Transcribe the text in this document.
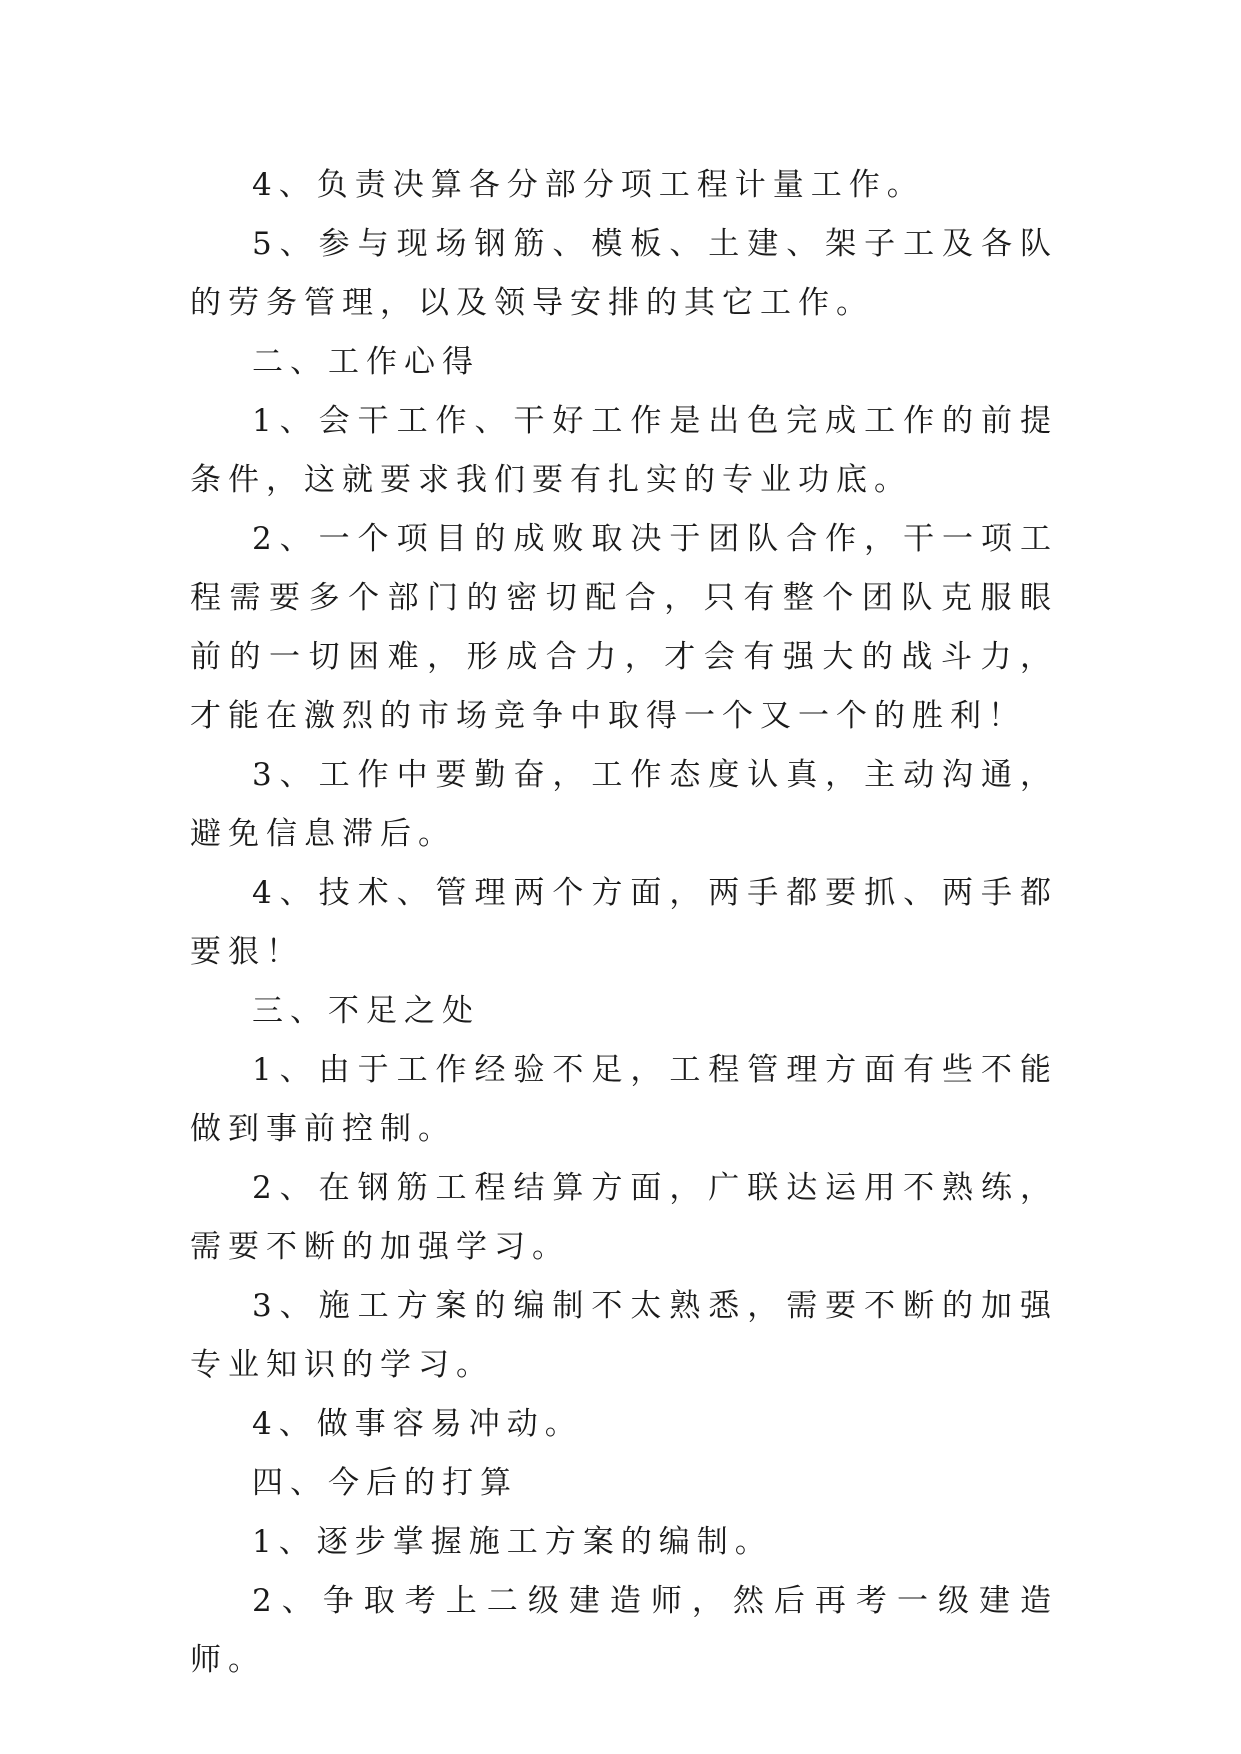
4、负责决算各分部分项工程计量工作。

5、参与现场钢筋、模板、土建、架子工及各队的劳务管理，以及领导安排的其它工作。

二、工作心得

1、会干工作、干好工作是出色完成工作的前提条件，这就要求我们要有扎实的专业功底。

2、一个项目的成败取决于团队合作，干一项工程需要多个部门的密切配合，只有整个团队克服眼前的一切困难，形成合力，才会有强大的战斗力，才能在激烈的市场竞争中取得一个又一个的胜利！

3、工作中要勤奋，工作态度认真，主动沟通，避免信息滞后。

4、技术、管理两个方面，两手都要抓、两手都要狠！

三、不足之处

1、由于工作经验不足，工程管理方面有些不能做到事前控制。

2、在钢筋工程结算方面，广联达运用不熟练，需要不断的加强学习。

3、施工方案的编制不太熟悉，需要不断的加强专业知识的学习。

4、做事容易冲动。

四、今后的打算

1、逐步掌握施工方案的编制。

2、争取考上二级建造师，然后再考一级建造师。
